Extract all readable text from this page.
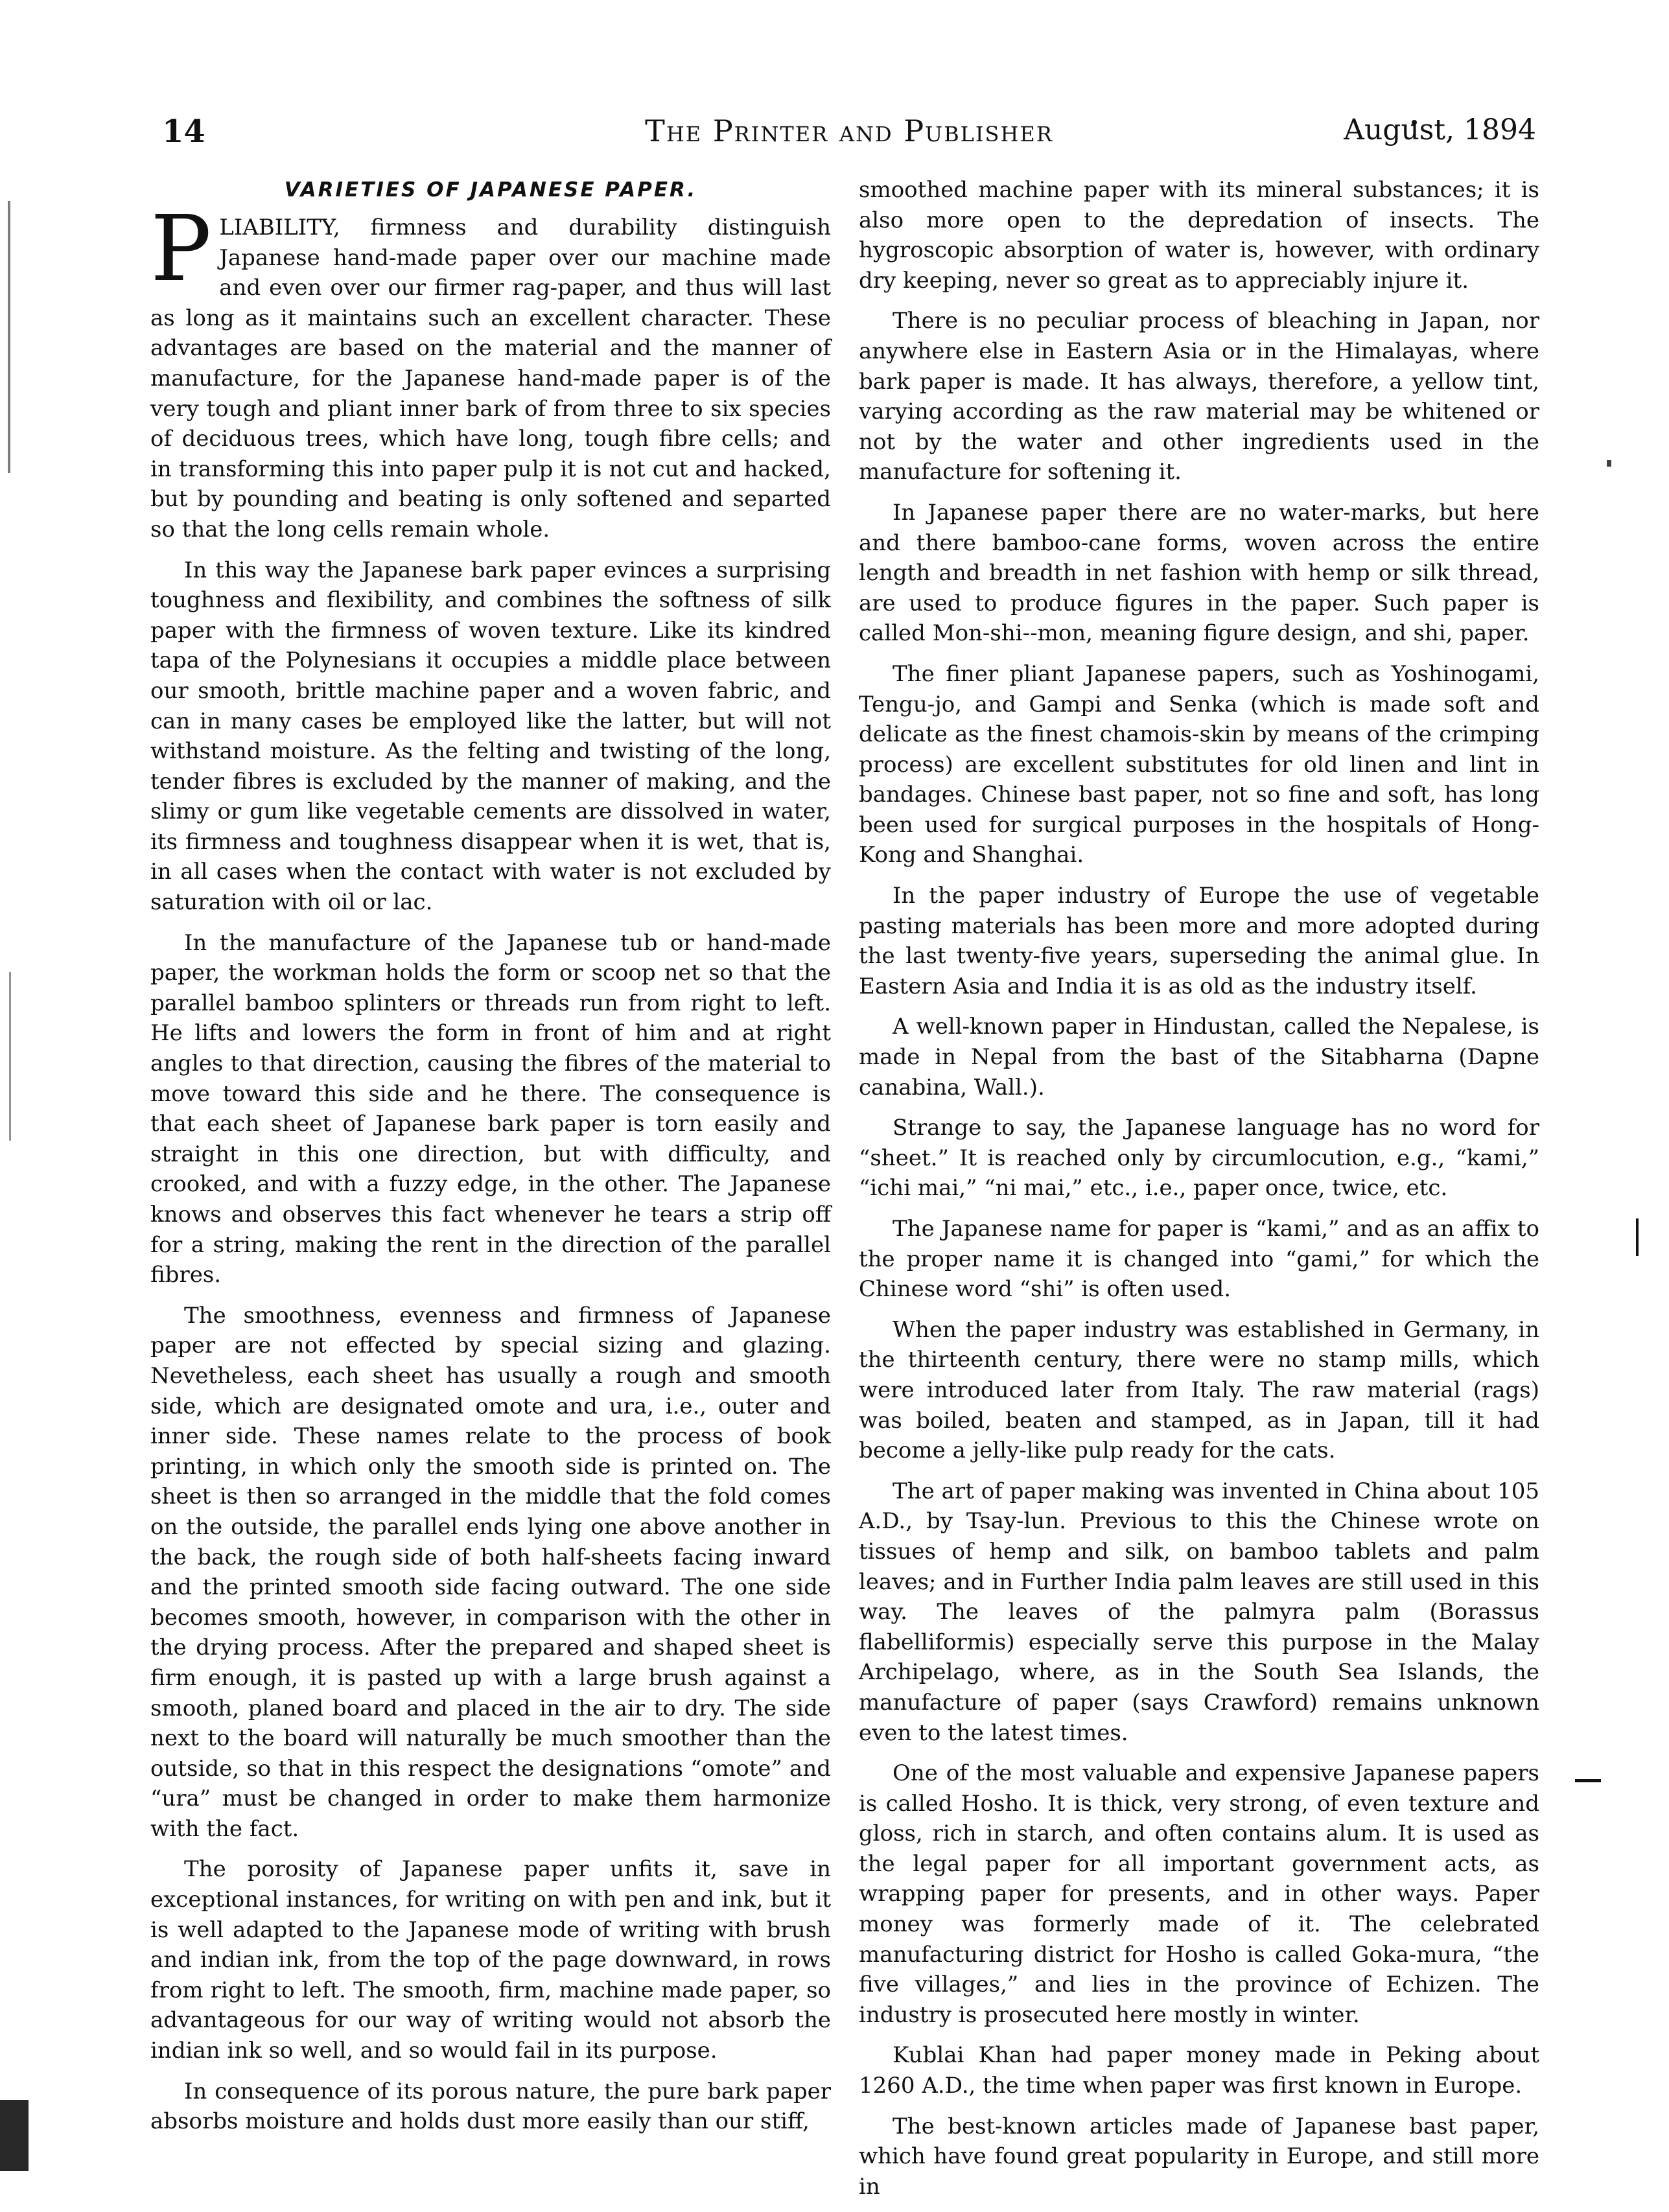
14	The Printer and Publisher	August, 1894
VARIETIES OF JAPANESE PAPER.

PLIABILITY, firmness and durability distinguish Japanese hand-made paper over our machine made and even over our firmer rag-paper, and thus will last as long as it maintains such an excellent character. These advantages are based on the material and the manner of manufacture, for the Japanese hand-made paper is of the very tough and pliant inner bark of from three to six species of deciduous trees, which have long, tough fibre cells; and in transforming this into paper pulp it is not cut and hacked, but by pounding and beating is only softened and separted so that the long cells remain whole.

In this way the Japanese bark paper evinces a surprising toughness and flexibility, and combines the softness of silk paper with the firmness of woven texture. Like its kindred tapa of the Polynesians it occupies a middle place between our smooth, brittle machine paper and a woven fabric, and can in many cases be employed like the latter, but will not withstand moisture. As the felting and twisting of the long, tender fibres is excluded by the manner of making, and the slimy or gum like vegetable cements are dissolved in water, its firmness and toughness disappear when it is wet, that is, in all cases when the contact with water is not excluded by saturation with oil or lac.

In the manufacture of the Japanese tub or hand-made paper, the workman holds the form or scoop net so that the parallel bamboo splinters or threads run from right to left. He lifts and lowers the form in front of him and at right angles to that direction, causing the fibres of the material to move toward this side and he there. The consequence is that each sheet of Japanese bark paper is torn easily and straight in this one direction, but with difficulty, and crooked, and with a fuzzy edge, in the other. The Japanese knows and observes this fact whenever he tears a strip off for a string, making the rent in the direction of the parallel fibres.

The smoothness, evenness and firmness of Japanese paper are not effected by special sizing and glazing. Nevetheless, each sheet has usually a rough and smooth side, which are designated omote and ura, i.e., outer and inner side. These names relate to the process of book printing, in which only the smooth side is printed on. The sheet is then so arranged in the middle that the fold comes on the outside, the parallel ends lying one above another in the back, the rough side of both half-sheets facing inward and the printed smooth side facing outward. The one side becomes smooth, however, in comparison with the other in the drying process. After the prepared and shaped sheet is firm enough, it is pasted up with a large brush against a smooth, planed board and placed in the air to dry. The side next to the board will naturally be much smoother than the outside, so that in this respect the designations “omote” and “ura” must be changed in order to make them harmonize with the fact.

The porosity of Japanese paper unfits it, save in exceptional instances, for writing on with pen and ink, but it is well adapted to the Japanese mode of writing with brush and indian ink, from the top of the page downward, in rows from right to left. The smooth, firm, machine made paper, so advantageous for our way of writing would not absorb the indian ink so well, and so would fail in its purpose.

In consequence of its porous nature, the pure bark paper absorbs moisture and holds dust more easily than our stiff,

smoothed machine paper with its mineral substances; it is also more open to the depredation of insects. The hygroscopic absorption of water is, however, with ordinary dry keeping, never so great as to appreciably injure it.

There is no peculiar process of bleaching in Japan, nor anywhere else in Eastern Asia or in the Himalayas, where bark paper is made. It has always, therefore, a yellow tint, varying according as the raw material may be whitened or not by the water and other ingredients used in the manufacture for softening it.

In Japanese paper there are no water-marks, but here and there bamboo-cane forms, woven across the entire length and breadth in net fashion with hemp or silk thread, are used to produce figures in the paper. Such paper is called Mon-shi--mon, meaning figure design, and shi, paper.

The finer pliant Japanese papers, such as Yoshinogami, Tengu-jo, and Gampi and Senka (which is made soft and delicate as the finest chamois-skin by means of the crimping process) are excellent substitutes for old linen and lint in bandages. Chinese bast paper, not so fine and soft, has long been used for surgical purposes in the hospitals of Hong-Kong and Shanghai.

In the paper industry of Europe the use of vegetable pasting materials has been more and more adopted during the last twenty-five years, superseding the animal glue. In Eastern Asia and India it is as old as the industry itself.

A well-known paper in Hindustan, called the Nepalese, is made in Nepal from the bast of the Sitabharna (Dapne canabina, Wall.).

Strange to say, the Japanese language has no word for “sheet.” It is reached only by circumlocution, e.g., “kami,” “ichi mai,” “ni mai,” etc., i.e., paper once, twice, etc.

The Japanese name for paper is “kami,” and as an affix to the proper name it is changed into “gami,” for which the Chinese word “shi” is often used.

When the paper industry was established in Germany, in the thirteenth century, there were no stamp mills, which were introduced later from Italy. The raw material (rags) was boiled, beaten and stamped, as in Japan, till it had become a jelly-like pulp ready for the cats.

The art of paper making was invented in China about 105 A.D., by Tsay-lun. Previous to this the Chinese wrote on tissues of hemp and silk, on bamboo tablets and palm leaves; and in Further India palm leaves are still used in this way. The leaves of the palmyra palm (Borassus flabelliformis) especially serve this purpose in the Malay Archipelago, where, as in the South Sea Islands, the manufacture of paper (says Crawford) remains unknown even to the latest times.

One of the most valuable and expensive Japanese papers is called Hosho. It is thick, very strong, of even texture and gloss, rich in starch, and often contains alum. It is used as the legal paper for all important government acts, as wrapping paper for presents, and in other ways. Paper money was formerly made of it. The celebrated manufacturing district for Hosho is called Goka-mura, “the five villages,” and lies in the province of Echizen. The industry is prosecuted here mostly in winter.

Kublai Khan had paper money made in Peking about 1260 A.D., the time when paper was first known in Europe.

The best-known articles made of Japanese bast paper, which have found great popularity in Europe, and still more in
